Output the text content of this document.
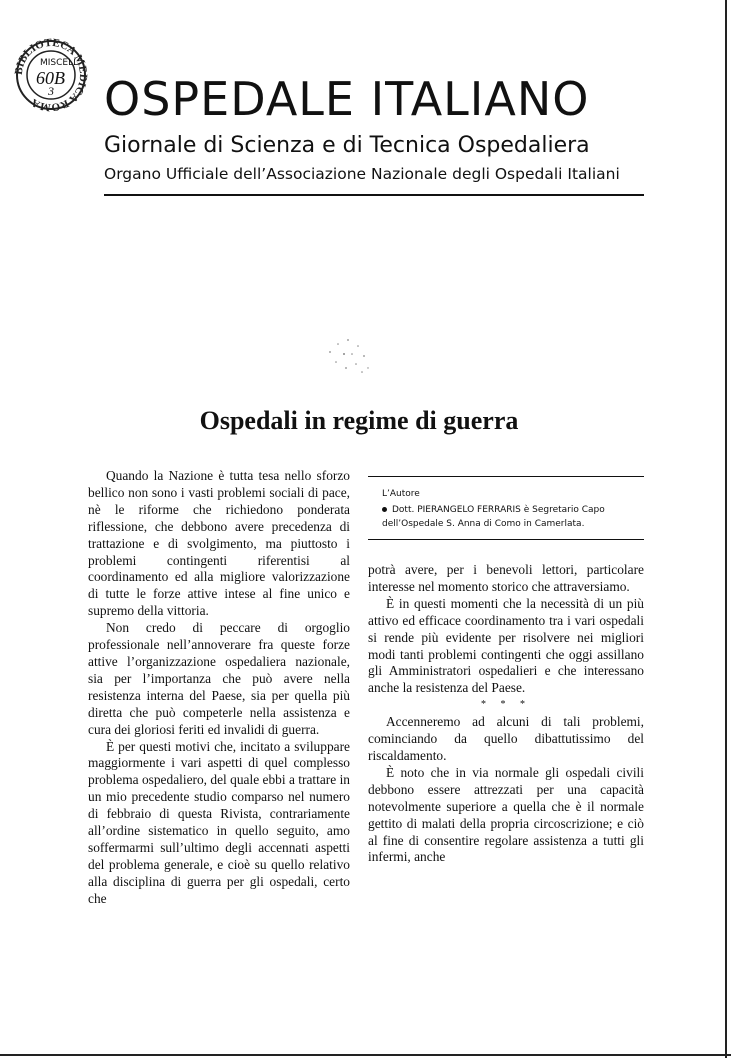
BIBLIOTECA MEDICA ROMA
MISCELL
60B
3 OSPEDALE ITALIANO
Giornale di Scienza e di Tecnica Ospedaliera
Organo Ufficiale dell’Associazione Nazionale degli Ospedali Italiani
Ospedali in regime di guerra

Quando la Nazione è tutta tesa nello sforzo bellico non sono i vasti problemi sociali di pace, nè le riforme che richiedono ponderata riflessione, che debbono avere precedenza di trattazione e di svolgimento, ma piuttosto i problemi contingenti riferentisi al coordinamento ed alla migliore valorizzazione di tutte le forze attive intese al fine unico e supremo della vittoria.

Non credo di peccare di orgoglio professionale nell’annoverare fra queste forze attive l’organizzazione ospedaliera nazionale, sia per l’importanza che può avere nella resistenza interna del Paese, sia per quella più diretta che può competerle nella assistenza e cura dei gloriosi feriti ed invalidi di guerra.

È per questi motivi che, incitato a sviluppare maggiormente i vari aspetti di quel complesso problema ospedaliero, del quale ebbi a trattare in un mio precedente studio comparso nel numero di febbraio di questa Rivista, contrariamente all’ordine sistematico in quello seguito, amo soffermarmi sull’ultimo degli accennati aspetti del problema generale, e cioè su quello relativo alla disciplina di guerra per gli ospedali, certo che

L’Autore
Dott. PIERANGELO FERRARIS è Segretario Capo dell’Ospedale S. Anna di Como in Camerlata.

potrà avere, per i benevoli lettori, particolare interesse nel momento storico che attraversiamo.

È in questi momenti che la necessità di un più attivo ed efficace coordinamento tra i vari ospedali si rende più evidente per risolvere nei migliori modi tanti problemi contingenti che oggi assillano gli Amministratori ospedalieri e che interessano anche la resistenza del Paese.

* * *

Accenneremo ad alcuni di tali problemi, cominciando da quello dibattutissimo del riscaldamento.

È noto che in via normale gli ospedali civili debbono essere attrezzati per una capacità notevolmente superiore a quella che è il normale gettito di malati della propria circoscrizione; e ciò al fine di consentire regolare assistenza a tutti gli infermi, anche
